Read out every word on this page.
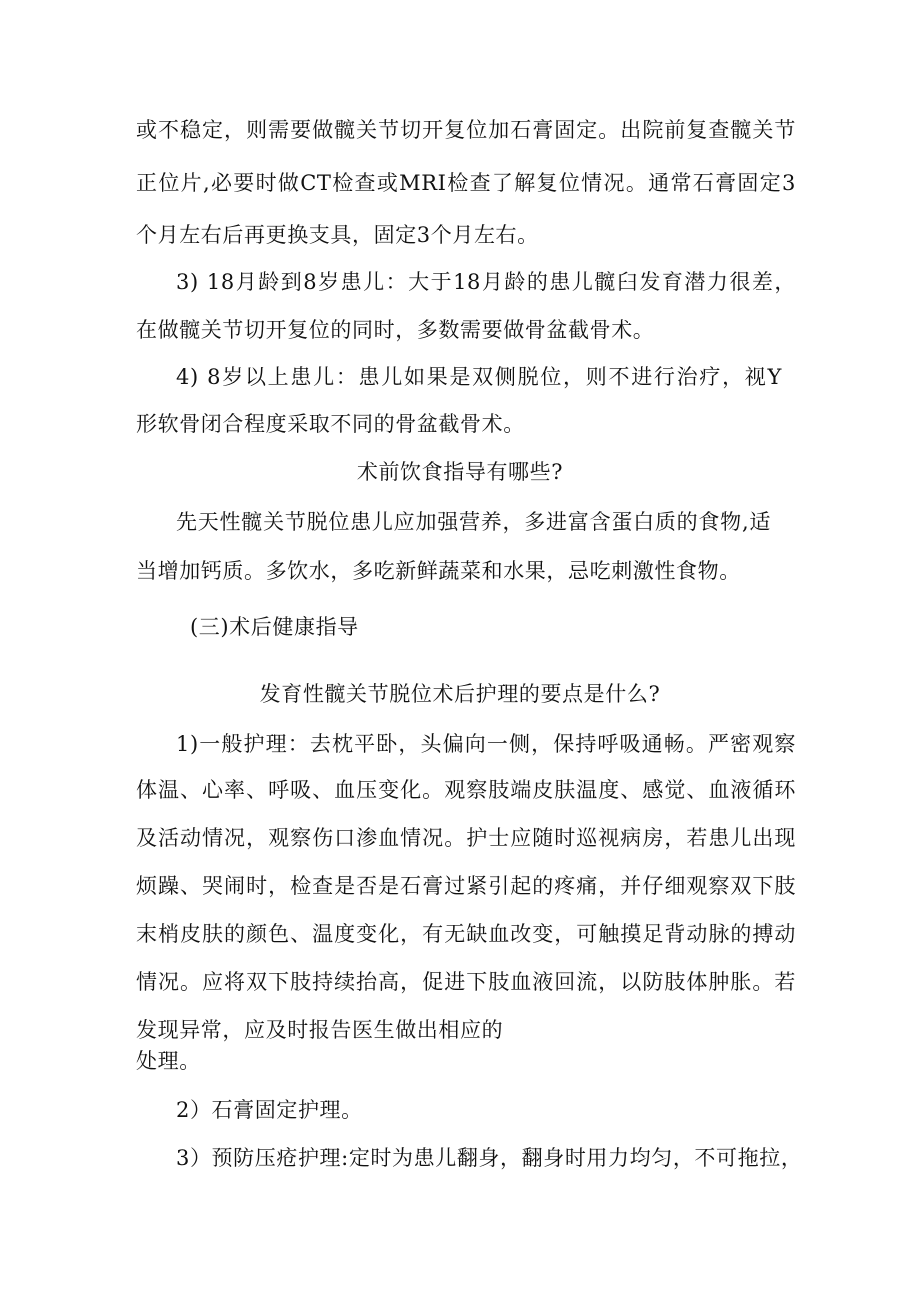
或不稳定，则需要做髋关节切开复位加石膏固定。出院前复查髋关节
正位片,必要时做CT检查或MRI检查了解复位情况。通常石膏固定3
个月左右后再更换支具，固定3个月左右。
3) 18月龄到8岁患儿：大于18月龄的患儿髋臼发育潜力很差，
在做髋关节切开复位的同时，多数需要做骨盆截骨术。
4) 8岁以上患儿：患儿如果是双侧脱位，则不进行治疗，视Y
形软骨闭合程度采取不同的骨盆截骨术。
术前饮食指导有哪些?
先天性髋关节脱位患儿应加强营养，多进富含蛋白质的食物,适
当增加钙质。多饮水，多吃新鲜蔬菜和水果，忌吃刺激性食物。
(三)术后健康指导
发育性髋关节脱位术后护理的要点是什么?
1)一般护理：去枕平卧，头偏向一侧，保持呼吸通畅。严密观察
体温、心率、呼吸、血压变化。观察肢端皮肤温度、感觉、血液循环
及活动情况，观察伤口渗血情况。护士应随时巡视病房，若患儿出现
烦躁、哭闹时，检查是否是石膏过紧引起的疼痛，并仔细观察双下肢
末梢皮肤的颜色、温度变化，有无缺血改变，可触摸足背动脉的搏动
情况。应将双下肢持续抬高，促进下肢血液回流，以防肢体肿胀。若
发现异常，应及时报告医生做出相应的
处理。
2）石膏固定护理。
3）预防压疮护理:定时为患儿翻身，翻身时用力均匀，不可拖拉，
